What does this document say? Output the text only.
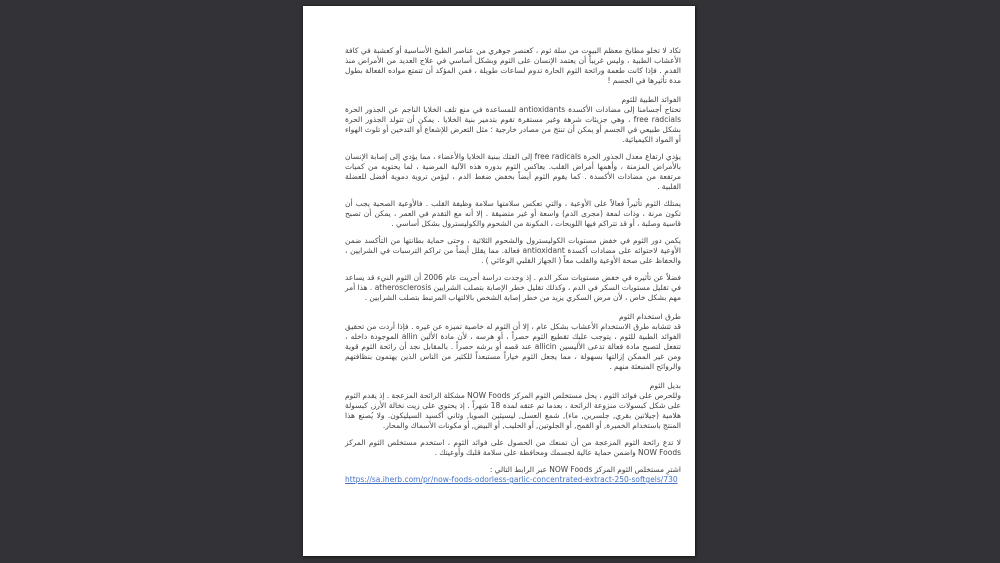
تكاد لا تخلو مطابخ معظم البيوت من سلة ثوم ، كعنصر جوهري من عناصر الطبخ الأساسية أو كعشبة في كافة الأعشاب الطبية ، وليس غريباً أن يعتمد الإنسان على الثوم وبشكل أساسي في علاج العديد من الأمراض منذ القدم . فإذا كانت طعمة ورائحة الثوم الحارة تدوم لساعات طويلة ، فمن المؤكد أن تتمتع مواده الفعالة بطول مدة تأثيرها في الجسم !

الفوائد الطبية للثوم

تحتاج أجسامنا إلى مضادات الأكسدة antioxidants للمساعدة في منع تلف الخلايا الناجم عن الجذور الحرة free radcials ، وهي جزيئات شرهة وغير مستقرة تقوم بتدمير بنية الخلايا . يمكن أن تتولد الجذور الحرة بشكل طبيعي في الجسم أو يمكن أن تنتج من مصادر خارجية ؛ مثل التعرض للإشعاع أو التدخين أو تلوث الهواء أو المواد الكيميائية.

يؤدي ارتفاع معدل الجذور الحرة free radicals إلى الفتك ببنية الخلايا والأعضاء ، مما يؤدي إلى إصابة الإنسان بالأمراض المزمنة ، وأهمها أمراض القلب. يعاكس الثوم بدوره هذه الآلية المرضية ، لما يحتويه من كميات مرتفعة من مضادات الأكسدة . كما يقوم الثوم أيضاً بخفض ضغط الدم ، ليؤمن تروية دموية أفضل للعضلة القلبية .

يمتلك الثوم تأثيراً فعالاً على الأوعية ، والتي تعكس سلامتها سلامة وظيفة القلب . فالأوعية الصحية يجب أن تكون مرنة ، وذات لمعة (مجرى الدم) واسعة أو غير متضيقة . إلا أنه مع التقدم في العمر ، يمكن أن تصبح قاسية وصلبة ، أو قد تتراكم فيها اللويحات ، المكونة من الشحوم والكوليسترول بشكل أساسي .

يكمن دور الثوم في خفض مستويات الكوليسترول والشحوم الثلاثية ، وحتى حماية بطانتها من التأكسد ضمن الأوعية لاحتوائه على مضادات أكسدة antioxidant فعالة. مما يقلل أيضاً من تراكم الترسبات في الشرايين ، والحفاظ على صحة الأوعية والقلب معاً ( الجهاز القلبي الوعائي ) .

فضلاً عن تأثيره في خفض مستويات سكر الدم . إذ وجدت دراسة أجريت عام 2006 أن الثوم النيء قد يساعد في تقليل مستويات السكر في الدم ، وكذلك تقليل خطر الإصابة بتصلب الشرايين atherosclerosis . هذا أمر مهم بشكل خاص ، لأن مرض السكري يزيد من خطر إصابة الشخص بالالتهاب المرتبط بتصلب الشرايين .

طرق استخدام الثوم

قد تتشابه طرق الاستخدام الأعشاب بشكل عام ، إلا أن الثوم له خاصية تميزه عن غيره . فإذا أردت من تحقيق الفوائد الطبية للثوم ، يتوجب عليك تقطيع الثوم حصراً ، أو هرسه ، لأن مادة الألين allin الموجودة داخله ، تتفعل لتصبح مادة فعالة تدعى الأليسين allicin عند قصه أو برشه حصراً . بالمقابل نجد أن رائحة الثوم قوية ومن غير الممكن إزالتها بسهولة ، مما يجعل الثوم خياراً مستبعداً للكثير من الناس الذين يهتمون بنظافتهم والروائح المنبعثة منهم .

بديل الثوم

وللحرص على فوائد الثوم ، يحل مستخلص الثوم المركز NOW Foods مشكلة الرائحة المزعجة . إذ يقدم الثوم على شكل كبسولات منزوعة الرائحة ، بعدما تم عتقه لمدة 18 شهراً . إذ يحتوي على زيت نخالة الأرز, كبسولة هلامية (جيلاتين بقري, جلسرين, ماء), شمع العسل, ليسيثين الصويا, وثاني أكسيد السيليكون. ولا يُصنع هذا المنتج باستخدام الخميرة, أو القمح, أو الجلوتين, أو الحليب, أو البيض, أو مكونات الأسماك والمحار.

لا تدع رائحة الثوم المزعجة من أن تمنعك من الحصول على فوائد الثوم ، استخدم مستخلص الثوم المركز NOW Foods واضمن حماية عالية لجسمك ومحافظة على سلامة قلبك وأوعيتك .

اشترِ مستخلص الثوم المركز NOW Foods عبر الرابط التالي :

https://sa.iherb.com/pr/now-foods-odorless-garlic-concentrated-extract-250-softgels/730
